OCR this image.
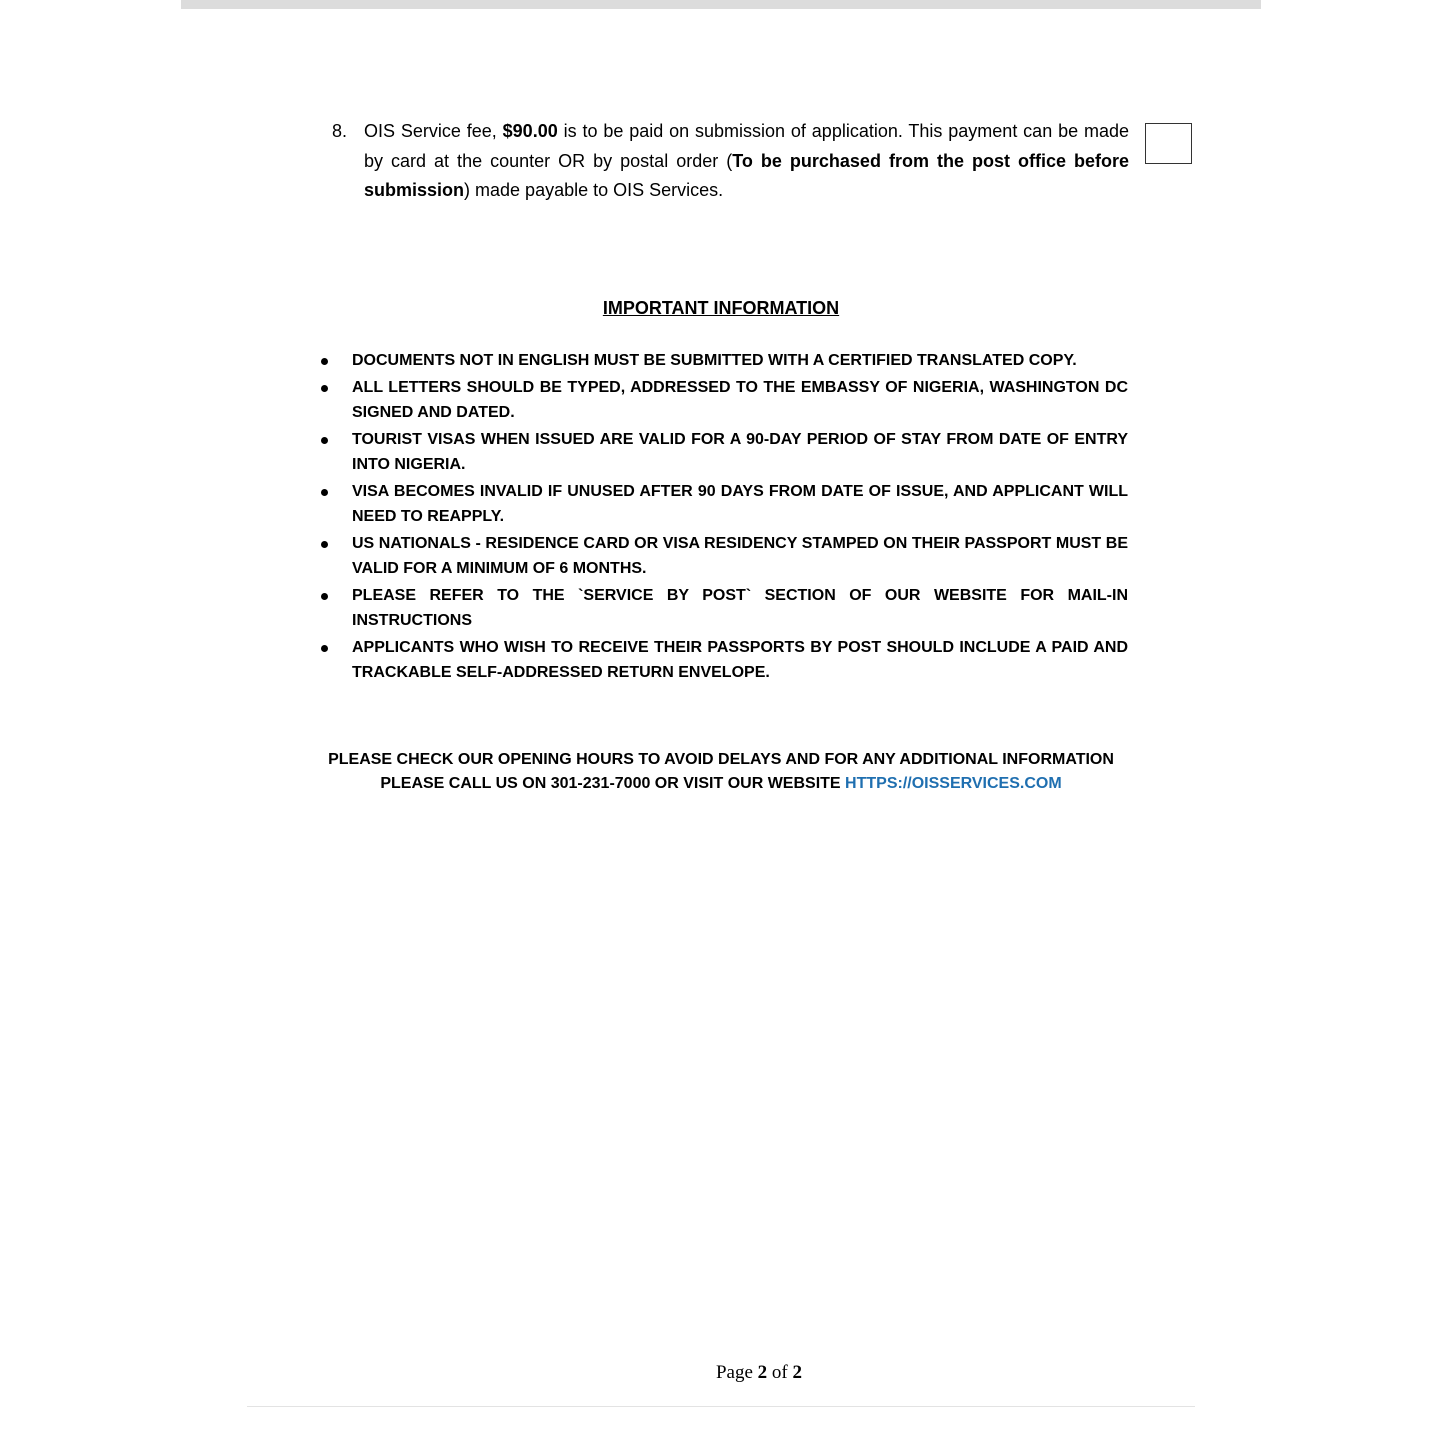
8. OIS Service fee, $90.00 is to be paid on submission of application. This payment can be made by card at the counter OR by postal order (To be purchased from the post office before submission) made payable to OIS Services.
IMPORTANT INFORMATION
DOCUMENTS NOT IN ENGLISH MUST BE SUBMITTED WITH A CERTIFIED TRANSLATED COPY.
ALL LETTERS SHOULD BE TYPED, ADDRESSED TO THE EMBASSY OF NIGERIA, WASHINGTON DC SIGNED AND DATED.
TOURIST VISAS WHEN ISSUED ARE VALID FOR A 90-DAY PERIOD OF STAY FROM DATE OF ENTRY INTO NIGERIA.
VISA BECOMES INVALID IF UNUSED AFTER 90 DAYS FROM DATE OF ISSUE, AND APPLICANT WILL NEED TO REAPPLY.
US NATIONALS - RESIDENCE CARD OR VISA RESIDENCY STAMPED ON THEIR PASSPORT MUST BE VALID FOR A MINIMUM OF 6 MONTHS.
PLEASE REFER TO THE `SERVICE BY POST` SECTION OF OUR WEBSITE FOR MAIL-IN INSTRUCTIONS
APPLICANTS WHO WISH TO RECEIVE THEIR PASSPORTS BY POST SHOULD INCLUDE A PAID AND TRACKABLE SELF-ADDRESSED RETURN ENVELOPE.
PLEASE CHECK OUR OPENING HOURS TO AVOID DELAYS AND FOR ANY ADDITIONAL INFORMATION
PLEASE CALL US ON 301-231-7000 OR VISIT OUR WEBSITE HTTPS://OISSERVICES.COM
Page 2 of 2
